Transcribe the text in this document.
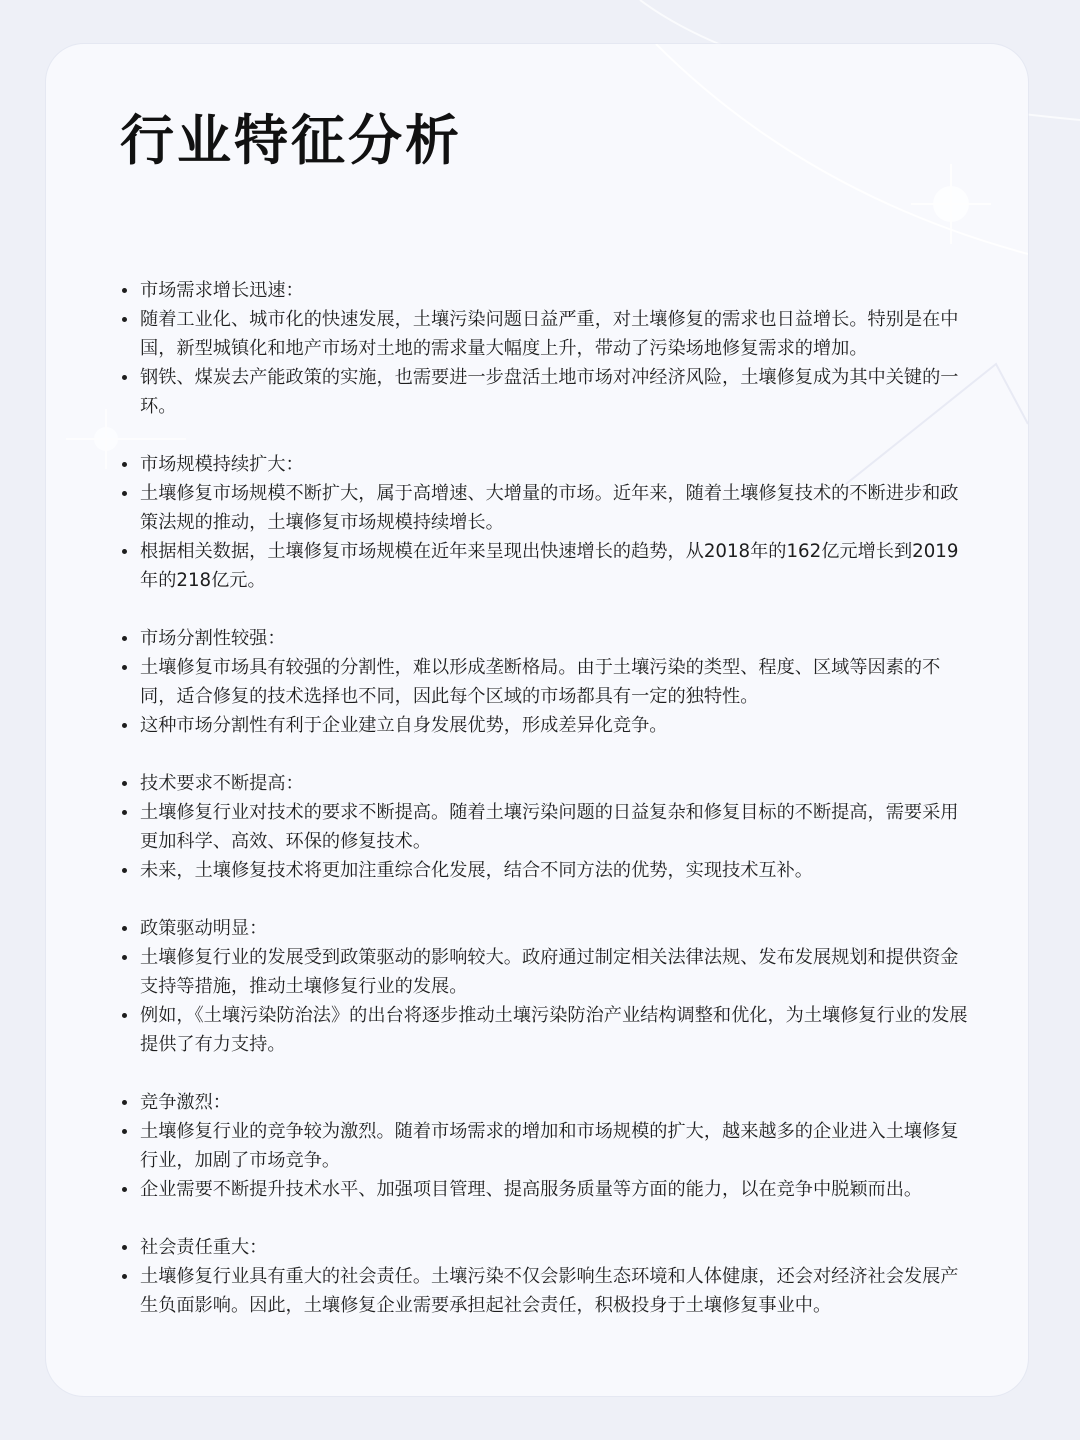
行业特征分析
市场需求增长迅速：
随着工业化、城市化的快速发展，土壤污染问题日益严重，对土壤修复的需求也日益增长。特别是在中国，新型城镇化和地产市场对土地的需求量大幅度上升，带动了污染场地修复需求的增加。
钢铁、煤炭去产能政策的实施，也需要进一步盘活土地市场对冲经济风险，土壤修复成为其中关键的一环。
市场规模持续扩大：
土壤修复市场规模不断扩大，属于高增速、大增量的市场。近年来，随着土壤修复技术的不断进步和政策法规的推动，土壤修复市场规模持续增长。
根据相关数据，土壤修复市场规模在近年来呈现出快速增长的趋势，从2018年的162亿元增长到2019年的218亿元。
市场分割性较强：
土壤修复市场具有较强的分割性，难以形成垄断格局。由于土壤污染的类型、程度、区域等因素的不同，适合修复的技术选择也不同，因此每个区域的市场都具有一定的独特性。
这种市场分割性有利于企业建立自身发展优势，形成差异化竞争。
技术要求不断提高：
土壤修复行业对技术的要求不断提高。随着土壤污染问题的日益复杂和修复目标的不断提高，需要采用更加科学、高效、环保的修复技术。
未来，土壤修复技术将更加注重综合化发展，结合不同方法的优势，实现技术互补。
政策驱动明显：
土壤修复行业的发展受到政策驱动的影响较大。政府通过制定相关法律法规、发布发展规划和提供资金支持等措施，推动土壤修复行业的发展。
例如，《土壤污染防治法》的出台将逐步推动土壤污染防治产业结构调整和优化，为土壤修复行业的发展提供了有力支持。
竞争激烈：
土壤修复行业的竞争较为激烈。随着市场需求的增加和市场规模的扩大，越来越多的企业进入土壤修复行业，加剧了市场竞争。
企业需要不断提升技术水平、加强项目管理、提高服务质量等方面的能力，以在竞争中脱颖而出。
社会责任重大：
土壤修复行业具有重大的社会责任。土壤污染不仅会影响生态环境和人体健康，还会对经济社会发展产生负面影响。因此，土壤修复企业需要承担起社会责任，积极投身于土壤修复事业中。
